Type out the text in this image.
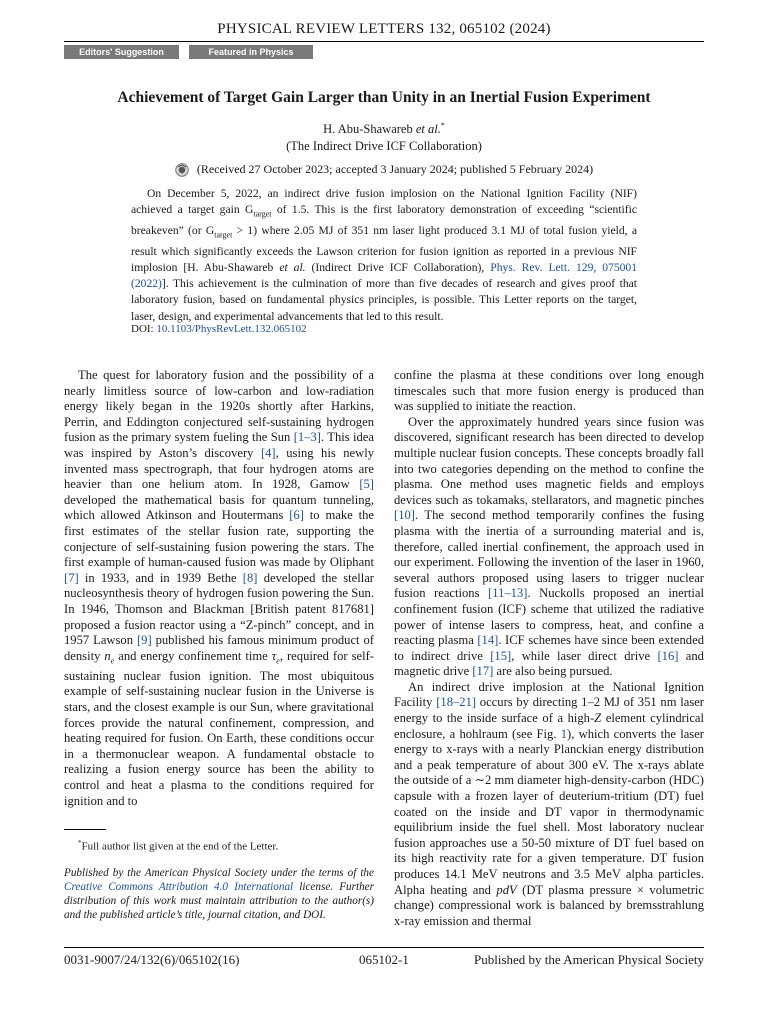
PHYSICAL REVIEW LETTERS 132, 065102 (2024)
Editors' Suggestion	Featured in Physics
Achievement of Target Gain Larger than Unity in an Inertial Fusion Experiment
H. Abu-Shawareb et al.*
(The Indirect Drive ICF Collaboration)
(Received 27 October 2023; accepted 3 January 2024; published 5 February 2024)
On December 5, 2022, an indirect drive fusion implosion on the National Ignition Facility (NIF) achieved a target gain $G_{target}$ of 1.5. This is the first laboratory demonstration of exceeding “scientific breakeven” (or $G_{target} > 1$) where 2.05 MJ of 351 nm laser light produced 3.1 MJ of total fusion yield, a result which significantly exceeds the Lawson criterion for fusion ignition as reported in a previous NIF implosion [H. Abu-Shawareb et al. (Indirect Drive ICF Collaboration), Phys. Rev. Lett. 129, 075001 (2022)]. This achievement is the culmination of more than five decades of research and gives proof that laboratory fusion, based on fundamental physics principles, is possible. This Letter reports on the target, laser, design, and experimental advancements that led to this result.
DOI: 10.1103/PhysRevLett.132.065102

The quest for laboratory fusion and the possibility of a nearly limitless source of low-carbon and low-radiation energy likely began in the 1920s shortly after Harkins, Perrin, and Eddington conjectured self-sustaining hydrogen fusion as the primary system fueling the Sun [1–3]. This idea was inspired by Aston’s discovery [4], using his newly invented mass spectrograph, that four hydrogen atoms are heavier than one helium atom. In 1928, Gamow [5] developed the mathematical basis for quantum tunneling, which allowed Atkinson and Houtermans [6] to make the first estimates of the stellar fusion rate, supporting the conjecture of self-sustaining fusion powering the stars. The first example of human-caused fusion was made by Oliphant [7] in 1933, and in 1939 Bethe [8] developed the stellar nucleosynthesis theory of hydrogen fusion powering the Sun. In 1946, Thomson and Blackman [British patent 817681] proposed a fusion reactor using a “Z-pinch” concept, and in 1957 Lawson [9] published his famous minimum product of density $n_e$ and energy confinement time $\tau_e$, required for self-sustaining nuclear fusion ignition. The most ubiquitous example of self-sustaining nuclear fusion in the Universe is stars, and the closest example is our Sun, where gravitational forces provide the natural confinement, compression, and heating required for fusion. On Earth, these conditions occur in a thermonuclear weapon. A fundamental obstacle to realizing a fusion energy source has been the ability to control and heat a plasma to the conditions required for ignition and to

*Full author list given at the end of the Letter.
Published by the American Physical Society under the terms of the Creative Commons Attribution 4.0 International license. Further distribution of this work must maintain attribution to the author(s) and the published article’s title, journal citation, and DOI.

confine the plasma at these conditions over long enough timescales such that more fusion energy is produced than was supplied to initiate the reaction.

Over the approximately hundred years since fusion was discovered, significant research has been directed to develop multiple nuclear fusion concepts. These concepts broadly fall into two categories depending on the method to confine the plasma. One method uses magnetic fields and employs devices such as tokamaks, stellarators, and magnetic pinches [10]. The second method temporarily confines the fusing plasma with the inertia of a surrounding material and is, therefore, called inertial confinement, the approach used in our experiment. Following the invention of the laser in 1960, several authors proposed using lasers to trigger nuclear fusion reactions [11–13]. Nuckolls proposed an inertial confinement fusion (ICF) scheme that utilized the radiative power of intense lasers to compress, heat, and confine a reacting plasma [14]. ICF schemes have since been extended to indirect drive [15], while laser direct drive [16] and magnetic drive [17] are also being pursued.

An indirect drive implosion at the National Ignition Facility [18–21] occurs by directing 1–2 MJ of 351 nm laser energy to the inside surface of a high-Z element cylindrical enclosure, a hohlraum (see Fig. 1), which converts the laser energy to x-rays with a nearly Planckian energy distribution and a peak temperature of about 300 eV. The x-rays ablate the outside of a ∼2 mm diameter high-density-carbon (HDC) capsule with a frozen layer of deuterium-tritium (DT) fuel coated on the inside and DT vapor in thermodynamic equilibrium inside the fuel shell. Most laboratory nuclear fusion approaches use a 50-50 mixture of DT fuel based on its high reactivity rate for a given temperature. DT fusion produces 14.1 MeV neutrons and 3.5 MeV alpha particles. Alpha heating and pdV (DT plasma pressure × volumetric change) compressional work is balanced by bremsstrahlung x-ray emission and thermal

0031-9007/24/132(6)/065102(16)	065102-1	Published by the American Physical Society
